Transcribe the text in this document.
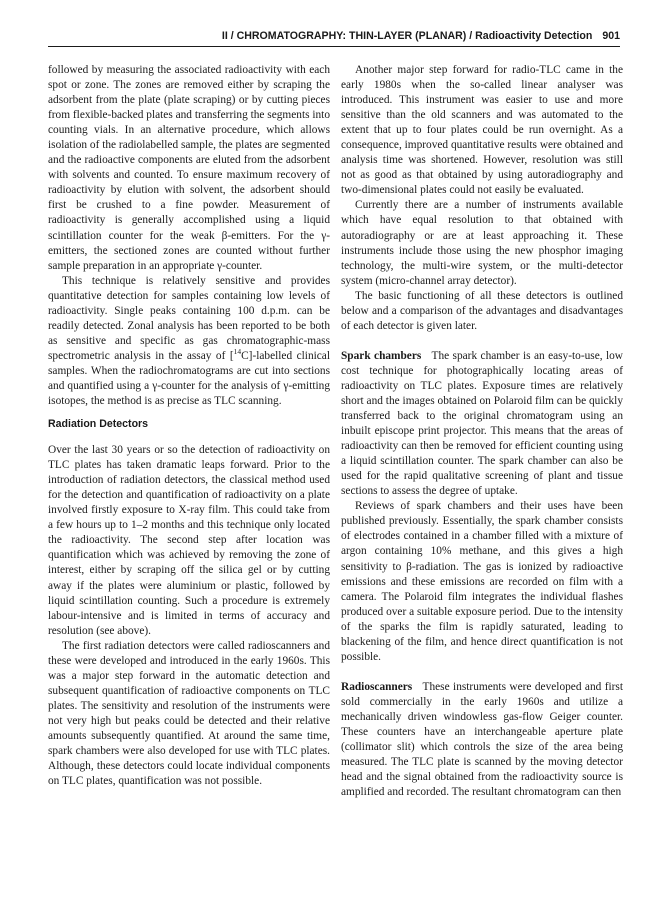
II / CHROMATOGRAPHY: THIN-LAYER (PLANAR) / Radioactivity Detection 901

followed by measuring the associated radioactivity with each spot or zone. The zones are removed either by scraping the adsorbent from the plate (plate scraping) or by cutting pieces from flexible-backed plates and transferring the segments into counting vials. In an alternative procedure, which allows isolation of the radiolabelled sample, the plates are segmented and the radioactive components are eluted from the adsorbent with solvents and counted. To ensure maximum recovery of radioactivity by elution with solvent, the adsorbent should first be crushed to a fine powder. Measurement of radioactivity is generally accomplished using a liquid scintillation counter for the weak β-emitters. For the γ-emitters, the sectioned zones are counted without further sample preparation in an appropriate γ-counter.

This technique is relatively sensitive and provides quantitative detection for samples containing low levels of radioactivity. Single peaks containing 100 d.p.m. can be readily detected. Zonal analysis has been reported to be both as sensitive and specific as gas chromatographic-mass spectrometric analysis in the assay of [$^{14}$C]-labelled clinical samples. When the radiochromatograms are cut into sections and quantified using a γ-counter for the analysis of γ-emitting isotopes, the method is as precise as TLC scanning.

Radiation Detectors

Over the last 30 years or so the detection of radioactivity on TLC plates has taken dramatic leaps forward. Prior to the introduction of radiation detectors, the classical method used for the detection and quantification of radioactivity on a plate involved firstly exposure to X-ray film. This could take from a few hours up to 1–2 months and this technique only located the radioactivity. The second step after location was quantification which was achieved by removing the zone of interest, either by scraping off the silica gel or by cutting away if the plates were aluminium or plastic, followed by liquid scintillation counting. Such a procedure is extremely labour-intensive and is limited in terms of accuracy and resolution (see above).

The first radiation detectors were called radioscanners and these were developed and introduced in the early 1960s. This was a major step forward in the automatic detection and subsequent quantification of radioactive components on TLC plates. The sensitivity and resolution of the instruments were not very high but peaks could be detected and their relative amounts subsequently quantified. At around the same time, spark chambers were also developed for use with TLC plates. Although, these detectors could locate individual components on TLC plates, quantification was not possible.

Another major step forward for radio-TLC came in the early 1980s when the so-called linear analyser was introduced. This instrument was easier to use and more sensitive than the old scanners and was automated to the extent that up to four plates could be run overnight. As a consequence, improved quantitative results were obtained and analysis time was shortened. However, resolution was still not as good as that obtained by using autoradiography and two-dimensional plates could not easily be evaluated.

Currently there are a number of instruments available which have equal resolution to that obtained with autoradiography or are at least approaching it. These instruments include those using the new phosphor imaging technology, the multi-wire system, or the multi-detector system (micro-channel array detector).

The basic functioning of all these detectors is outlined below and a comparison of the advantages and disadvantages of each detector is given later.

Spark chambers The spark chamber is an easy-to-use, low cost technique for photographically locating areas of radioactivity on TLC plates. Exposure times are relatively short and the images obtained on Polaroid film can be quickly transferred back to the original chromatogram using an inbuilt episcope print projector. This means that the areas of radioactivity can then be removed for efficient counting using a liquid scintillation counter. The spark chamber can also be used for the rapid qualitative screening of plant and tissue sections to assess the degree of uptake.

Reviews of spark chambers and their uses have been published previously. Essentially, the spark chamber consists of electrodes contained in a chamber filled with a mixture of argon containing 10% methane, and this gives a high sensitivity to β-radiation. The gas is ionized by radioactive emissions and these emissions are recorded on film with a camera. The Polaroid film integrates the individual flashes produced over a suitable exposure period. Due to the intensity of the sparks the film is rapidly saturated, leading to blackening of the film, and hence direct quantification is not possible.

Radioscanners These instruments were developed and first sold commercially in the early 1960s and utilize a mechanically driven windowless gas-flow Geiger counter. These counters have an interchangeable aperture plate (collimator slit) which controls the size of the area being measured. The TLC plate is scanned by the moving detector head and the signal obtained from the radioactivity source is amplified and recorded. The resultant chromatogram can then
